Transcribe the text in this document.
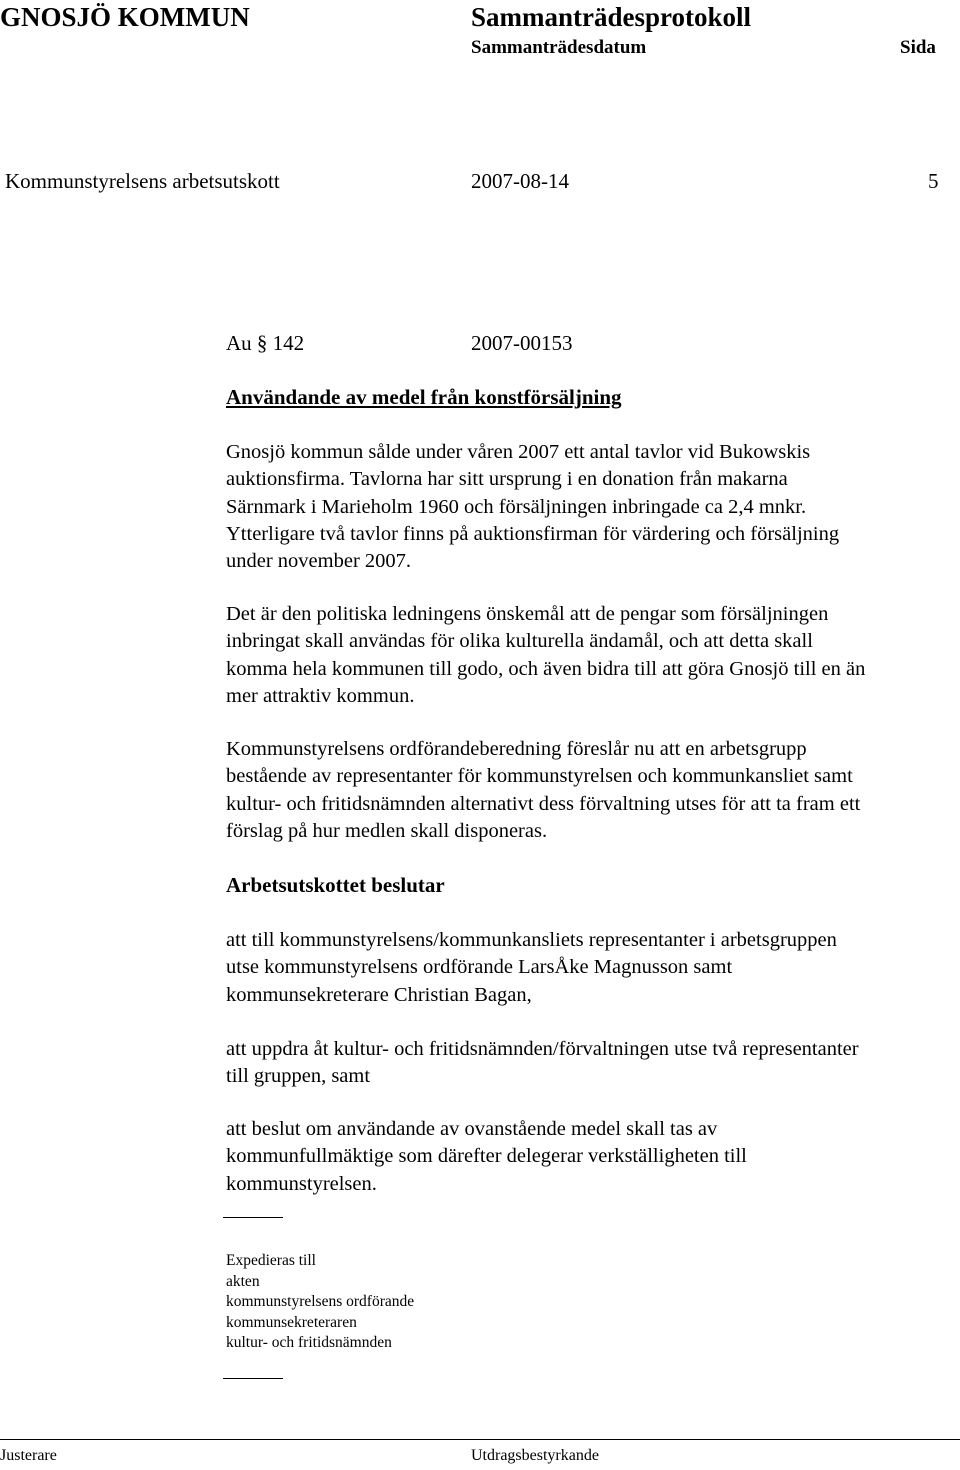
GNOSJÖ KOMMUN	Sammanträdesprotokoll
Sammanträdesdatum	Sida
Kommunstyrelsens arbetsutskott	2007-08-14	5
Au § 142	2007-00153
Användande av medel från konstförsäljning
Gnosjö kommun sålde under våren 2007 ett antal tavlor vid Bukowskis
auktionsfirma. Tavlorna har sitt ursprung i en donation från makarna
Särnmark i Marieholm 1960 och försäljningen inbringade ca 2,4 mnkr.
Ytterligare två tavlor finns på auktionsfirman för värdering och försäljning
under november 2007.
Det är den politiska ledningens önskemål att de pengar som försäljningen
inbringat skall användas för olika kulturella ändamål, och att detta skall
komma hela kommunen till godo, och även bidra till att göra Gnosjö till en än
mer attraktiv kommun.
Kommunstyrelsens ordförandeberedning föreslår nu att en arbetsgrupp
bestående av representanter för kommunstyrelsen och kommunkansliet samt
kultur- och fritidsnämnden alternativt dess förvaltning utses för att ta fram ett
förslag på hur medlen skall disponeras.
Arbetsutskottet beslutar
att till kommunstyrelsens/kommunkansliets representanter i arbetsgruppen
utse kommunstyrelsens ordförande LarsÅke Magnusson samt
kommunsekreterare Christian Bagan,
att uppdra åt kultur- och fritidsnämnden/förvaltningen utse två representanter
till gruppen, samt
att beslut om användande av ovanstående medel skall tas av
kommunfullmäktige som därefter delegerar verkställigheten till
kommunstyrelsen.
Expedieras till
akten
kommunstyrelsens ordförande
kommunsekreteraren
kultur- och fritidsnämnden
Justerare	Utdragsbestyrkande
